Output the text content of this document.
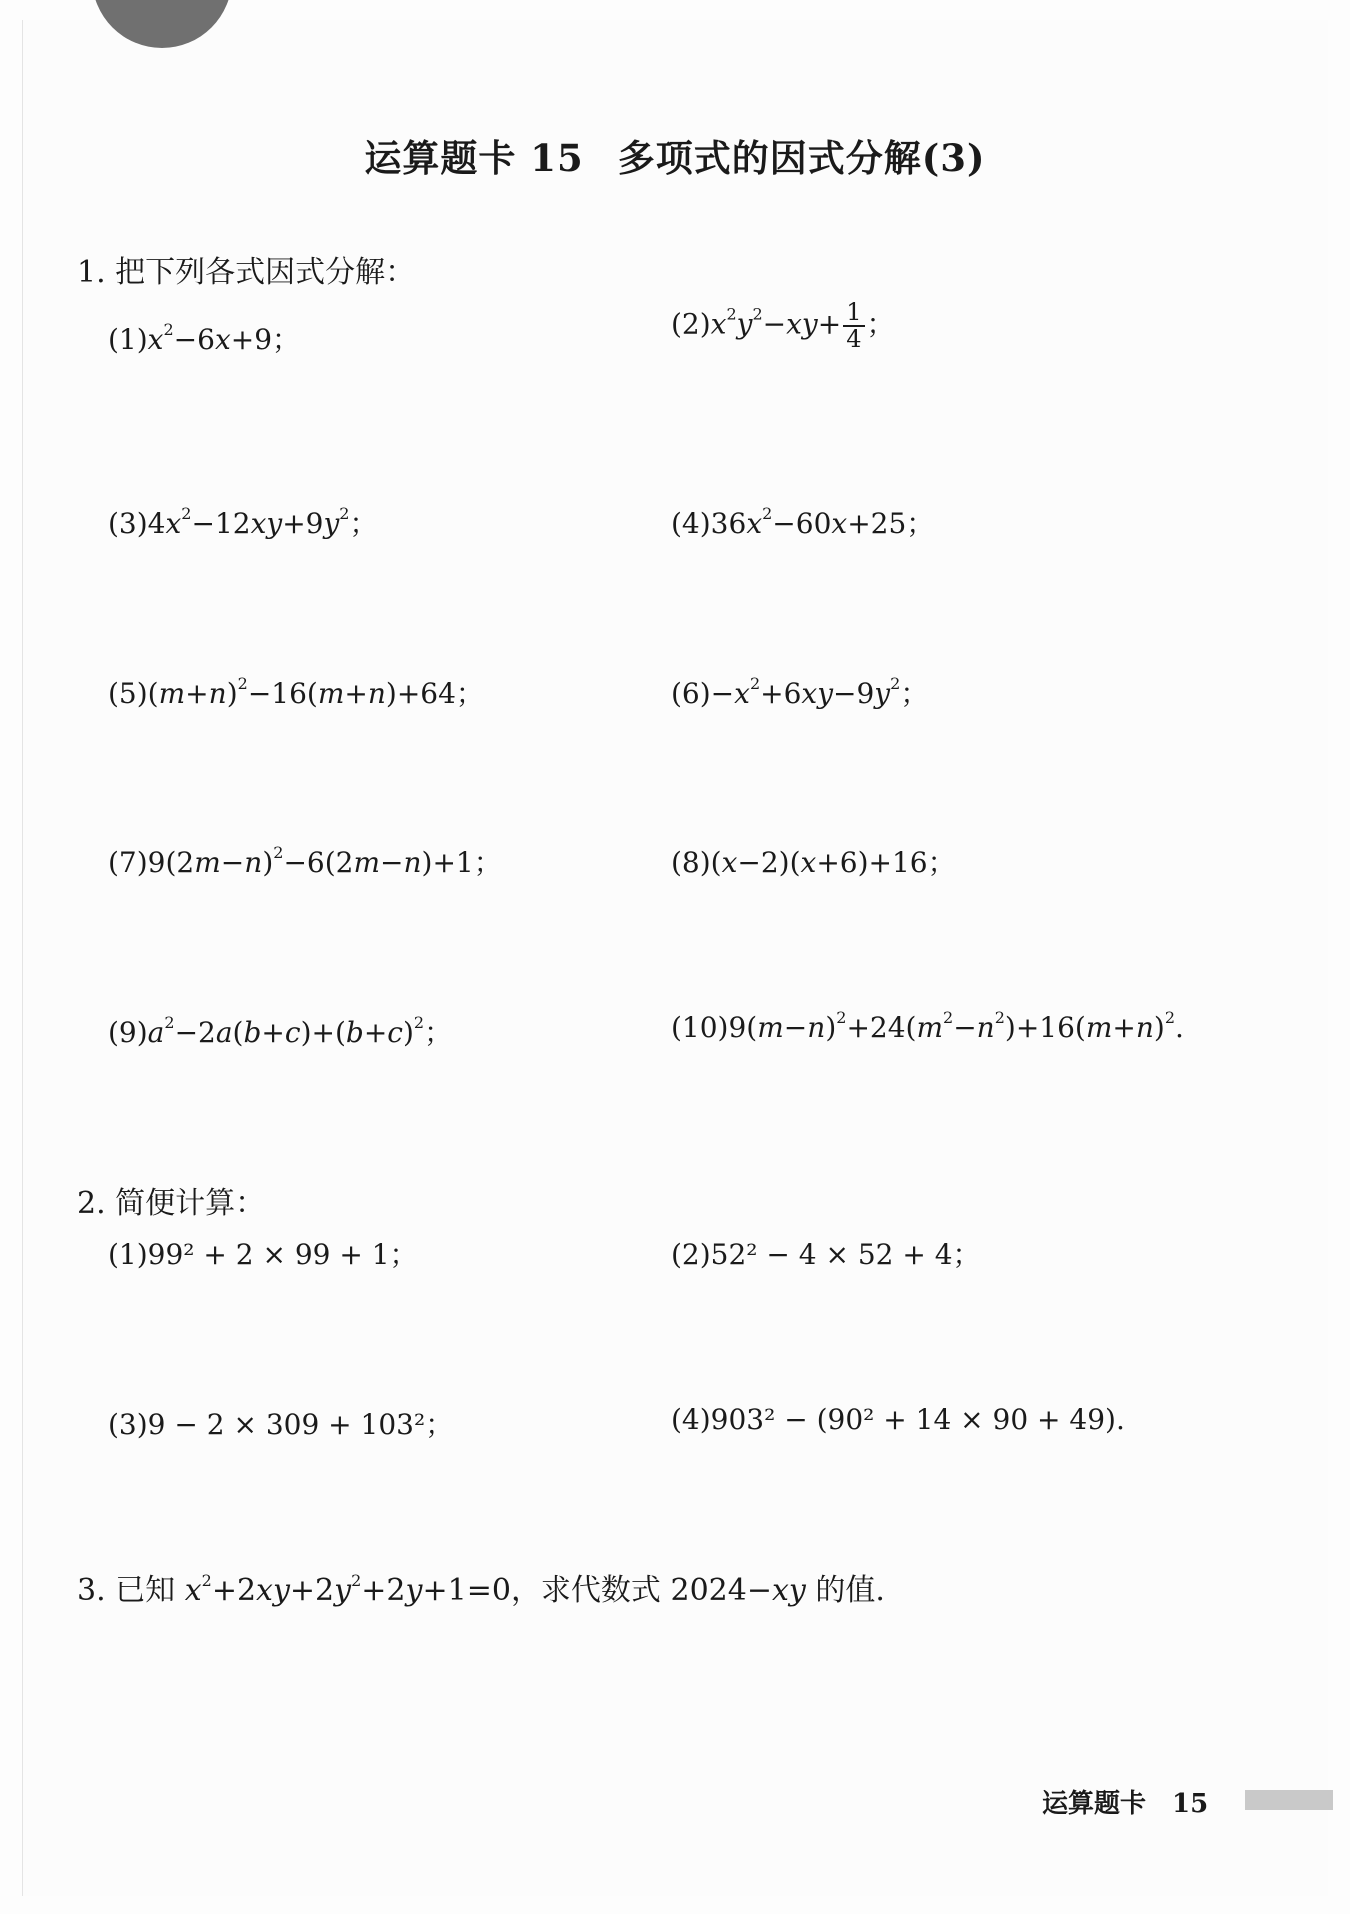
运算题卡 15 多项式的因式分解(3)
1. 把下列各式因式分解：
$(1)x^2-6x+9$；	$(2)x^2y^2-xy+ \frac{1}{4}$ ；
$(3)4x^2-12xy+9y^2$；	$(4)36x^2-60x+25$；
$(5)(m+n)^2-16(m+n)+64$；	$(6)-x^2+6xy-9y^2$；
$(7)9(2m-n)^2-6(2m-n)+1$；	(8)(x−2)(x+6)+16；
$(9)a^2-2a(b+c)+(b+c)^2$；	$(10)9(m-n)^2+24(m^2-n^2)+16(m+n)^2$.
2. 简便计算：
(1)99² + 2 × 99 + 1；	(2)52² − 4 × 52 + 4；
(3)9 − 2 × 309 + 103²；	(4)903² − (90² + 14 × 90 + 49).
3. 已知 $x^2+2xy+2y^2+2y+1=0$，求代数式 2024−xy 的值.
运算题卡 15
